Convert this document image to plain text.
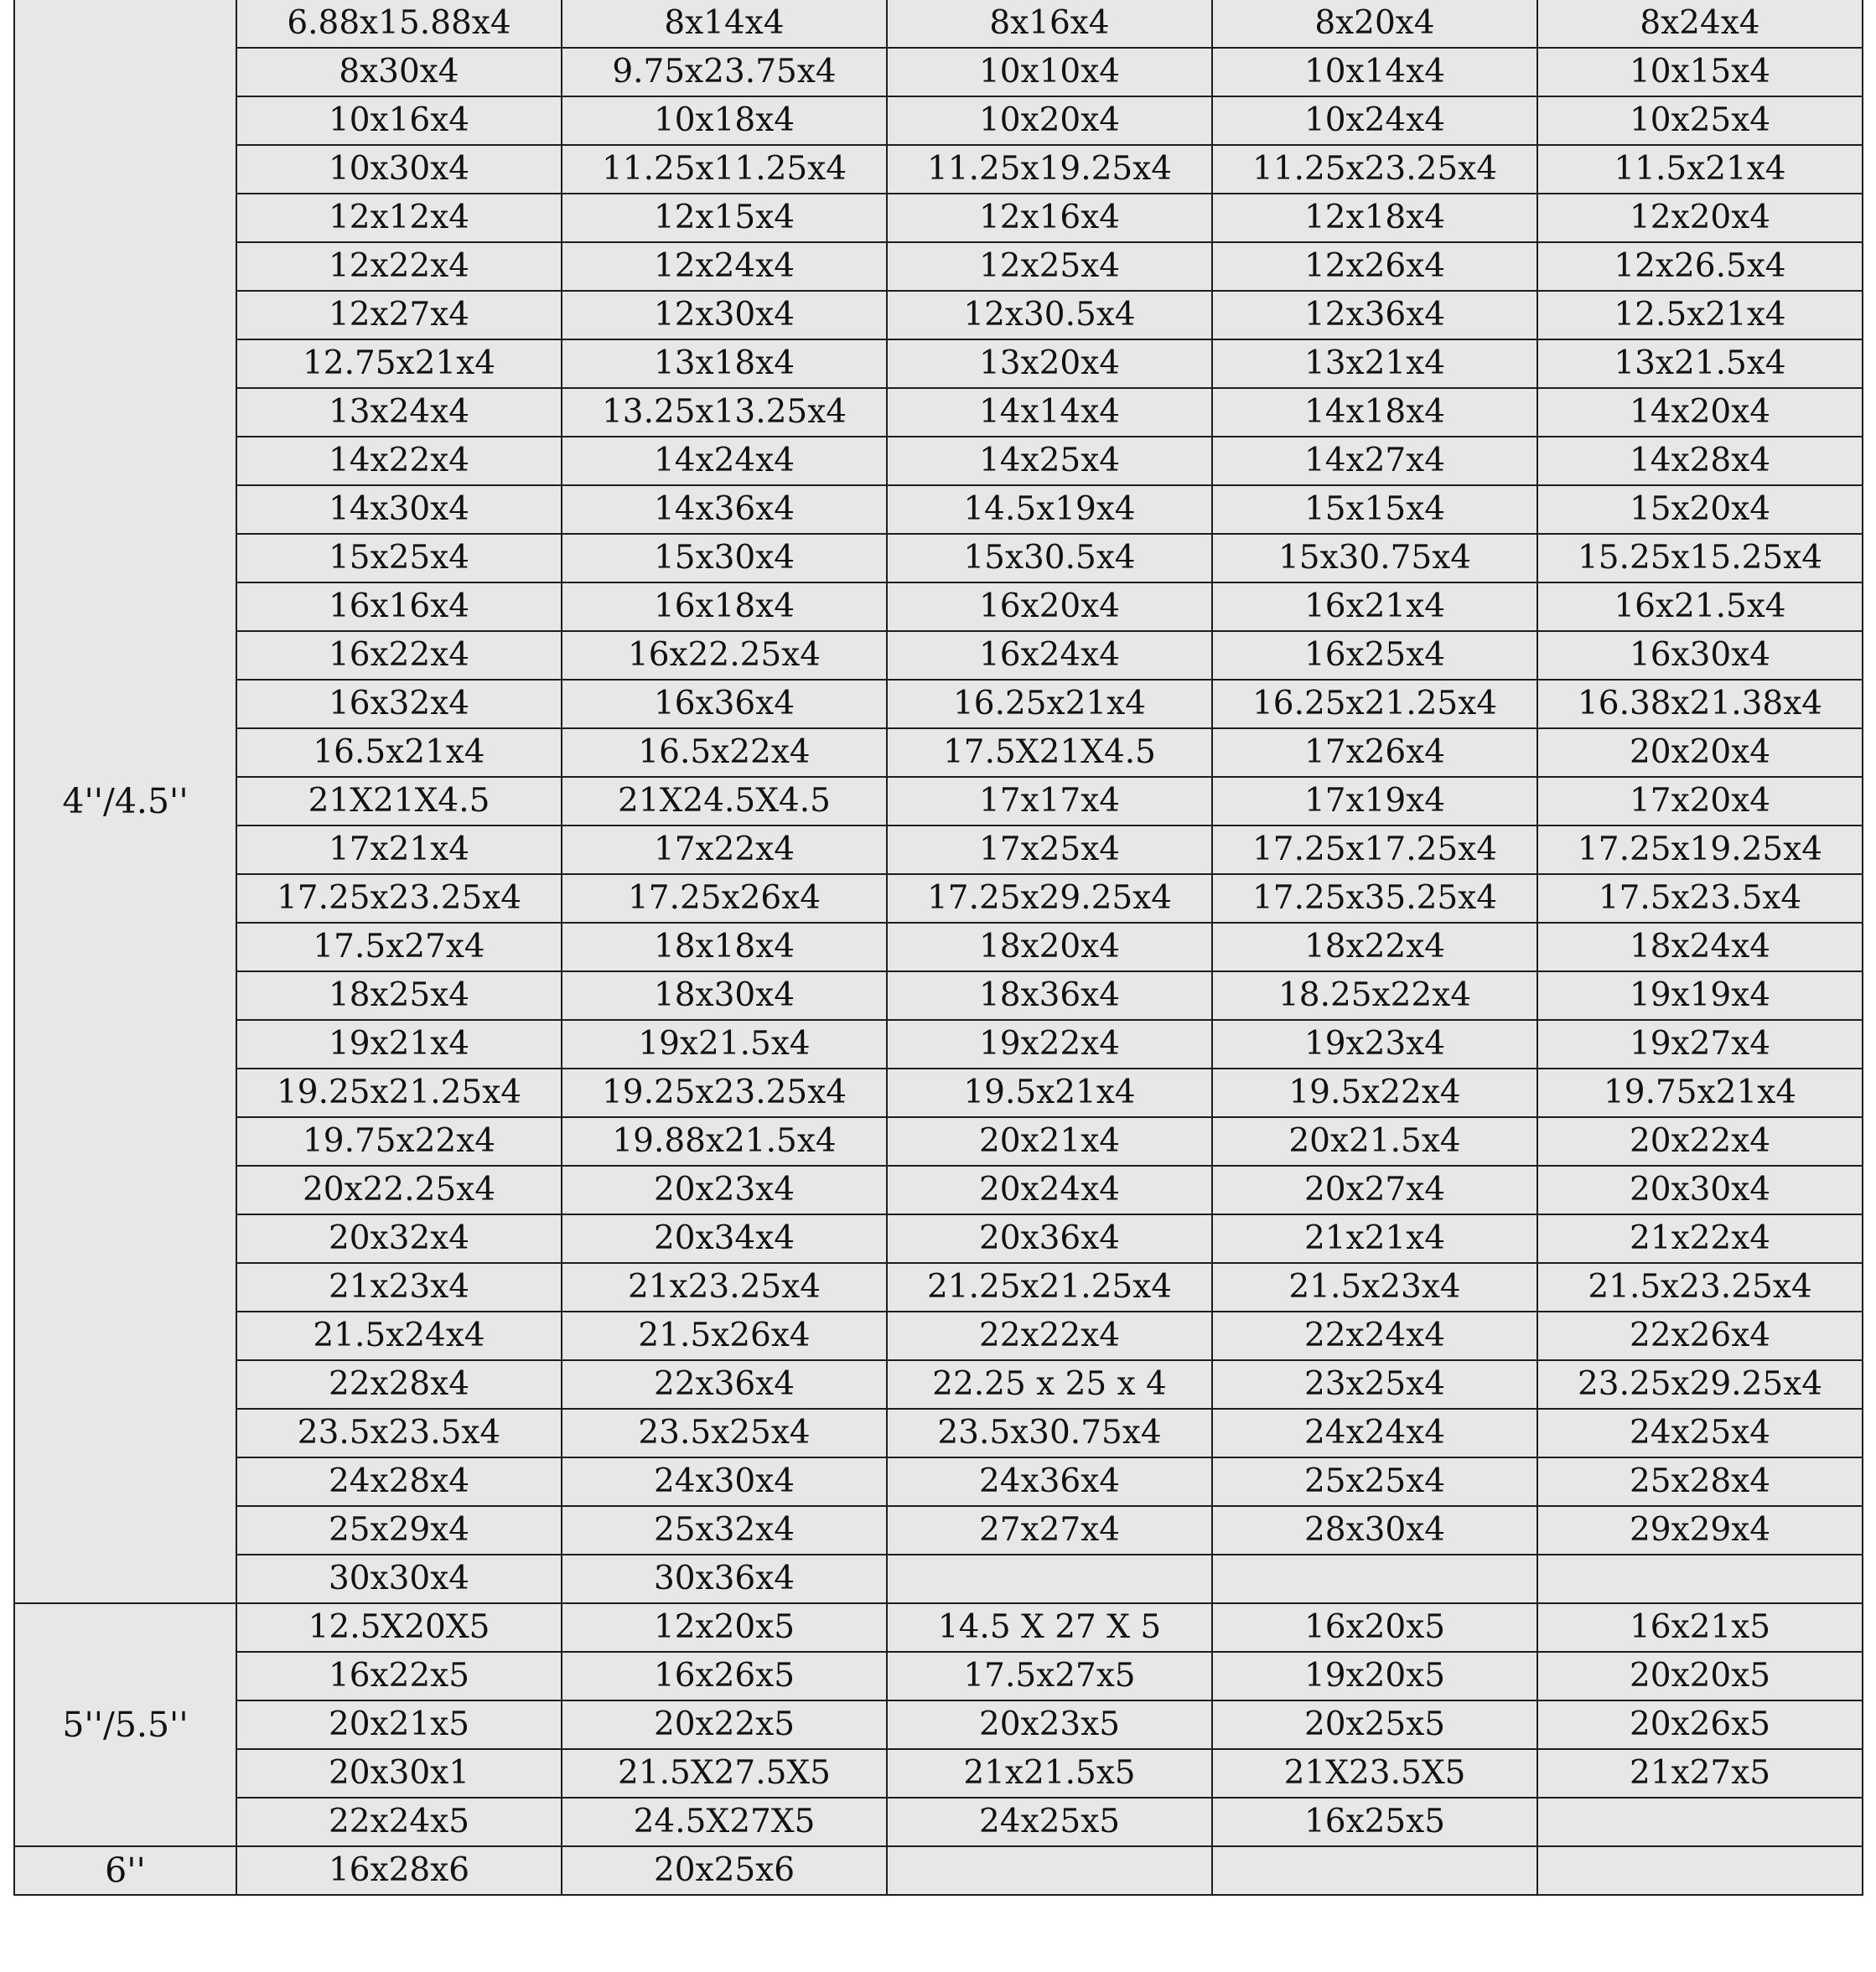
4''/4.5''	6.88x15.88x4	8x14x4	8x16x4	8x20x4	8x24x4
	8x30x4	9.75x23.75x4	10x10x4	10x14x4	10x15x4
	10x16x4	10x18x4	10x20x4	10x24x4	10x25x4
	10x30x4	11.25x11.25x4	11.25x19.25x4	11.25x23.25x4	11.5x21x4
	12x12x4	12x15x4	12x16x4	12x18x4	12x20x4
	12x22x4	12x24x4	12x25x4	12x26x4	12x26.5x4
	12x27x4	12x30x4	12x30.5x4	12x36x4	12.5x21x4
	12.75x21x4	13x18x4	13x20x4	13x21x4	13x21.5x4
	13x24x4	13.25x13.25x4	14x14x4	14x18x4	14x20x4
	14x22x4	14x24x4	14x25x4	14x27x4	14x28x4
	14x30x4	14x36x4	14.5x19x4	15x15x4	15x20x4
	15x25x4	15x30x4	15x30.5x4	15x30.75x4	15.25x15.25x4
	16x16x4	16x18x4	16x20x4	16x21x4	16x21.5x4
	16x22x4	16x22.25x4	16x24x4	16x25x4	16x30x4
	16x32x4	16x36x4	16.25x21x4	16.25x21.25x4	16.38x21.38x4
	16.5x21x4	16.5x22x4	17.5X21X4.5	17x26x4	20x20x4
	21X21X4.5	21X24.5X4.5	17x17x4	17x19x4	17x20x4
	17x21x4	17x22x4	17x25x4	17.25x17.25x4	17.25x19.25x4
	17.25x23.25x4	17.25x26x4	17.25x29.25x4	17.25x35.25x4	17.5x23.5x4
	17.5x27x4	18x18x4	18x20x4	18x22x4	18x24x4
	18x25x4	18x30x4	18x36x4	18.25x22x4	19x19x4
	19x21x4	19x21.5x4	19x22x4	19x23x4	19x27x4
	19.25x21.25x4	19.25x23.25x4	19.5x21x4	19.5x22x4	19.75x21x4
	19.75x22x4	19.88x21.5x4	20x21x4	20x21.5x4	20x22x4
	20x22.25x4	20x23x4	20x24x4	20x27x4	20x30x4
	20x32x4	20x34x4	20x36x4	21x21x4	21x22x4
	21x23x4	21x23.25x4	21.25x21.25x4	21.5x23x4	21.5x23.25x4
	21.5x24x4	21.5x26x4	22x22x4	22x24x4	22x26x4
	22x28x4	22x36x4	22.25 x 25 x 4	23x25x4	23.25x29.25x4
	23.5x23.5x4	23.5x25x4	23.5x30.75x4	24x24x4	24x25x4
	24x28x4	24x30x4	24x36x4	25x25x4	25x28x4
	25x29x4	25x32x4	27x27x4	28x30x4	29x29x4
	30x30x4	30x36x4			
5''/5.5''	12.5X20X5	12x20x5	14.5 X 27 X 5	16x20x5	16x21x5
	16x22x5	16x26x5	17.5x27x5	19x20x5	20x20x5
	20x21x5	20x22x5	20x23x5	20x25x5	20x26x5
	20x30x1	21.5X27.5X5	21x21.5x5	21X23.5X5	21x27x5
	22x24x5	24.5X27X5	24x25x5	16x25x5	
6''	16x28x6	20x25x6			
